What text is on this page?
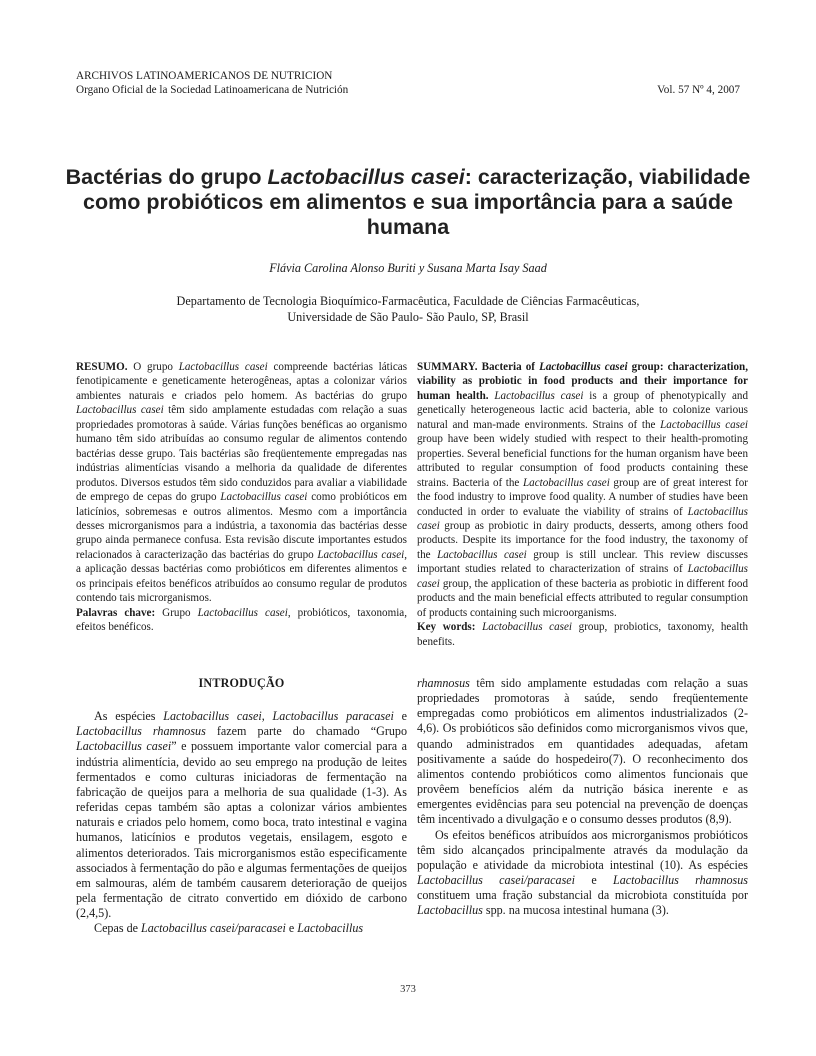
ARCHIVOS LATINOAMERICANOS DE NUTRICION
Organo Oficial de la Sociedad Latinoamericana de Nutrición	Vol. 57 Nº 4, 2007
Bactérias do grupo Lactobacillus casei: caracterização, viabilidade como probióticos em alimentos e sua importância para a saúde humana
Flávia Carolina Alonso Buriti y Susana Marta Isay Saad
Departamento de Tecnologia Bioquímico-Farmacêutica, Faculdade de Ciências Farmacêuticas,
Universidade de São Paulo- São Paulo, SP, Brasil

RESUMO. O grupo Lactobacillus casei compreende bactérias láticas fenotipicamente e geneticamente heterogêneas, aptas a colonizar vários ambientes naturais e criados pelo homem. As bactérias do grupo Lactobacillus casei têm sido amplamente estudadas com relação a suas propriedades promotoras à saúde. Várias funções benéficas ao organismo humano têm sido atribuídas ao consumo regular de alimentos contendo bactérias desse grupo. Tais bactérias são freqüentemente empregadas nas indústrias alimentícias visando a melhoria da qualidade de diferentes produtos. Diversos estudos têm sido conduzidos para avaliar a viabilidade de emprego de cepas do grupo Lactobacillus casei como probióticos em laticínios, sobremesas e outros alimentos. Mesmo com a importância desses microrganismos para a indústria, a taxonomia das bactérias desse grupo ainda permanece confusa. Esta revisão discute importantes estudos relacionados à caracterização das bactérias do grupo Lactobacillus casei, a aplicação dessas bactérias como probióticos em diferentes alimentos e os principais efeitos benéficos atribuídos ao consumo regular de produtos contendo tais microrganismos.

Palavras chave: Grupo Lactobacillus casei, probióticos, taxonomia, efeitos benéficos.

SUMMARY. Bacteria of Lactobacillus casei group: characterization, viability as probiotic in food products and their importance for human health. Lactobacillus casei is a group of phenotypically and genetically heterogeneous lactic acid bacteria, able to colonize various natural and man-made environments. Strains of the Lactobacillus casei group have been widely studied with respect to their health-promoting properties. Several beneficial functions for the human organism have been attributed to regular consumption of food products containing these strains. Bacteria of the Lactobacillus casei group are of great interest for the food industry to improve food quality. A number of studies have been conducted in order to evaluate the viability of strains of Lactobacillus casei group as probiotic in dairy products, desserts, among others food products. Despite its importance for the food industry, the taxonomy of the Lactobacillus casei group is still unclear. This review discusses important studies related to characterization of strains of Lactobacillus casei group, the application of these bacteria as probiotic in different food products and the main beneficial effects attributed to regular consumption of products containing such microorganisms.

Key words: Lactobacillus casei group, probiotics, taxonomy, health benefits.

INTRODUÇÃO

As espécies Lactobacillus casei, Lactobacillus paracasei e Lactobacillus rhamnosus fazem parte do chamado “Grupo Lactobacillus casei” e possuem importante valor comercial para a indústria alimentícia, devido ao seu emprego na produção de leites fermentados e como culturas iniciadoras de fermentação na fabricação de queijos para a melhoria de sua qualidade (1-3). As referidas cepas também são aptas a colonizar vários ambientes naturais e criados pelo homem, como boca, trato intestinal e vagina humanos, laticínios e produtos vegetais, ensilagem, esgoto e alimentos deteriorados. Tais microrganismos estão especificamente associados à fermentação do pão e algumas fermentações de queijos em salmouras, além de também causarem deterioração de queijos pela fermentação de citrato convertido em dióxido de carbono (2,4,5).

Cepas de Lactobacillus casei/paracasei e Lactobacillus

rhamnosus têm sido amplamente estudadas com relação a suas propriedades promotoras à saúde, sendo freqüentemente empregadas como probióticos em alimentos industrializados (2-4,6). Os probióticos são definidos como microrganismos vivos que, quando administrados em quantidades adequadas, afetam positivamente a saúde do hospedeiro(7). O reconhecimento dos alimentos contendo probióticos como alimentos funcionais que provêem benefícios além da nutrição básica inerente e as emergentes evidências para seu potencial na prevenção de doenças têm incentivado a divulgação e o consumo desses produtos (8,9).

Os efeitos benéficos atribuídos aos microrganismos probióticos têm sido alcançados principalmente através da modulação da população e atividade da microbiota intestinal (10). As espécies Lactobacillus casei/paracasei e Lactobacillus rhamnosus constituem uma fração substancial da microbiota constituída por Lactobacillus spp. na mucosa intestinal humana (3).

373
